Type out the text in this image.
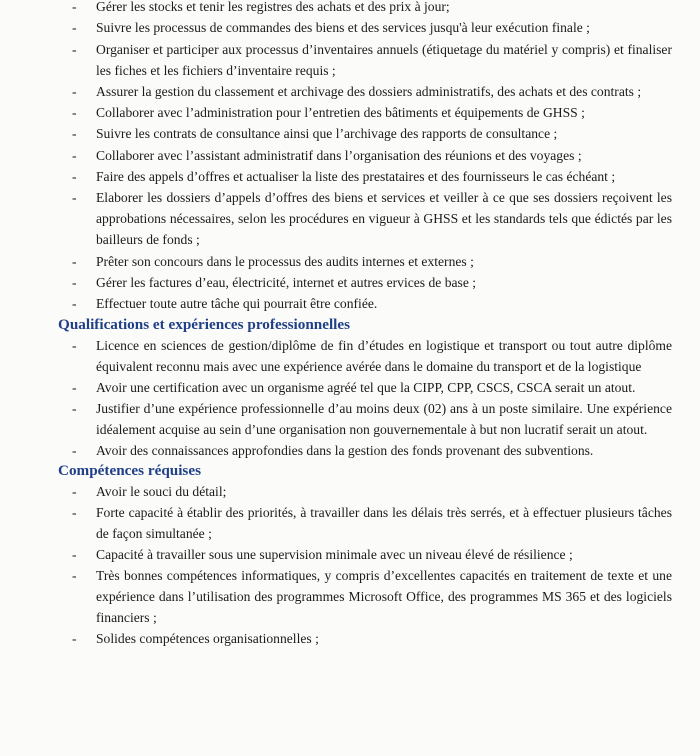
- Gérer les stocks et tenir les registres des achats et des prix à jour;
- Suivre les processus de commandes des biens et des services jusqu'à leur exécution finale ;
- Organiser et participer aux processus d’inventaires annuels (étiquetage du matériel y compris) et finaliser les fiches et les fichiers d’inventaire requis ;
- Assurer la gestion du classement et archivage des dossiers administratifs, des achats et des contrats ;
- Collaborer avec l’administration pour l’entretien des bâtiments et équipements de GHSS ;
- Suivre les contrats de consultance ainsi que l’archivage des rapports de consultance ;
- Collaborer avec l’assistant administratif dans l’organisation des réunions et des voyages ;
- Faire des appels d’offres et actualiser la liste des prestataires et des fournisseurs le cas échéant ;
- Elaborer les dossiers d’appels d’offres des biens et services et veiller à ce que ses dossiers reçoivent les approbations nécessaires, selon les procédures en vigueur à GHSS et les standards tels que édictés par les bailleurs de fonds ;
- Prêter son concours dans le processus des audits internes et externes ;
- Gérer les factures d’eau, électricité, internet et autres ervices de base ;
- Effectuer toute autre tâche qui pourrait être confiée.
Qualifications et expériences professionnelles
- Licence en sciences de gestion/diplôme de fin d’études en logistique et transport ou tout autre diplôme équivalent reconnu mais avec une expérience avérée dans le domaine du transport et de la logistique
- Avoir une certification avec un organisme agréé tel que la CIPP, CPP, CSCS, CSCA serait un atout.
- Justifier d’une expérience professionnelle d’au moins deux (02) ans à un poste similaire. Une expérience idéalement acquise au sein d’une organisation non gouvernementale à but non lucratif serait un atout.
- Avoir des connaissances approfondies dans la gestion des fonds provenant des subventions.
Compétences réquises
- Avoir le souci du détail;
- Forte capacité à établir des priorités, à travailler dans les délais très serrés, et à effectuer plusieurs tâches de façon simultanée ;
- Capacité à travailler sous une supervision minimale avec un niveau élevé de résilience ;
- Très bonnes compétences informatiques, y compris d’excellentes capacités en traitement de texte et une expérience dans l’utilisation des programmes Microsoft Office, des programmes MS 365 et des logiciels financiers ;
- Solides compétences organisationnelles ;
